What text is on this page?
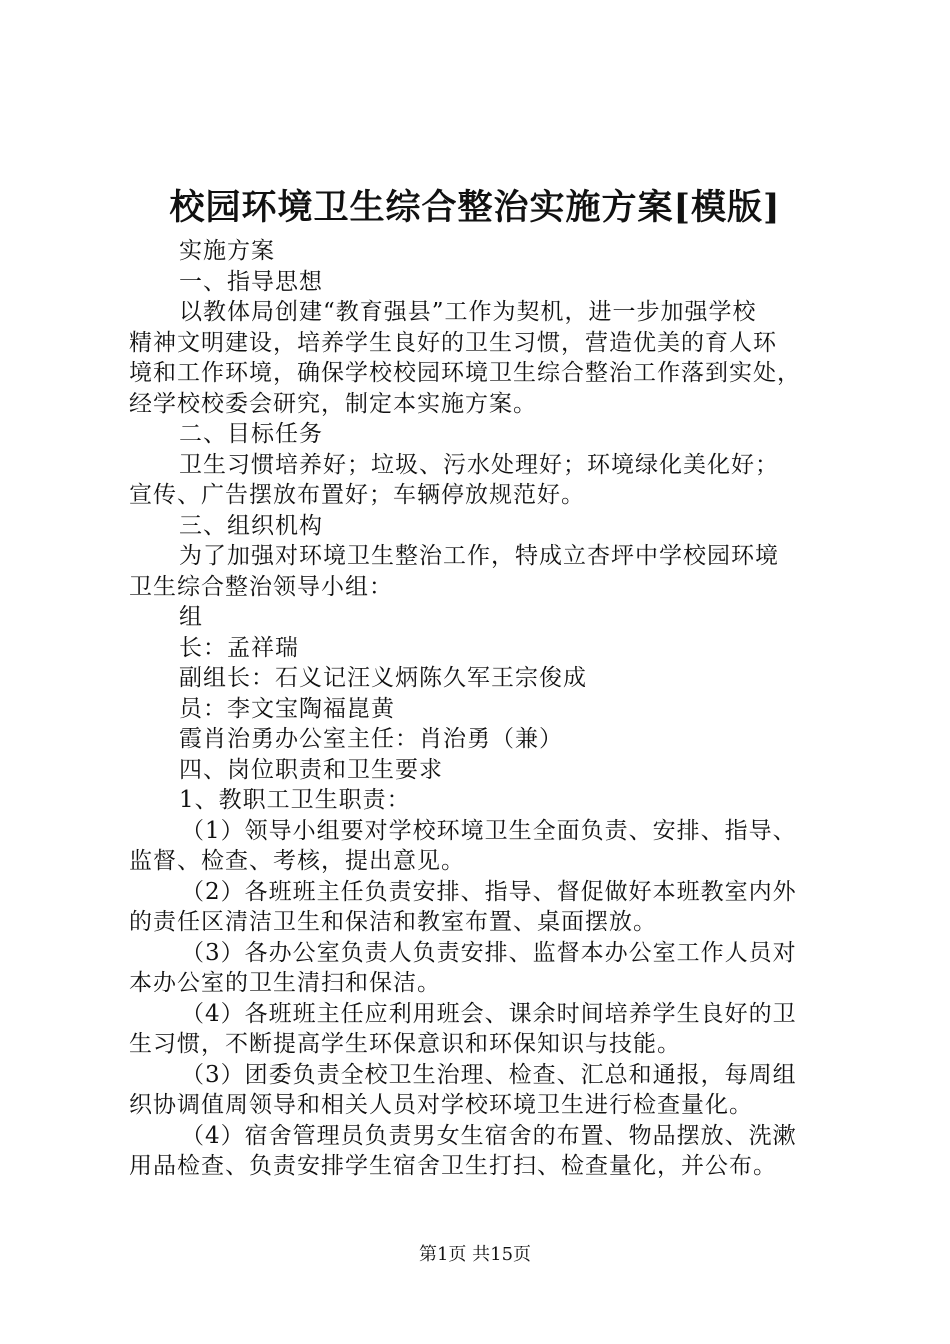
校园环境卫生综合整治实施方案[模版]
实施方案
一、指导思想
以教体局创建“教育强县”工作为契机，进一步加强学校
精神文明建设，培养学生良好的卫生习惯，营造优美的育人环
境和工作环境，确保学校校园环境卫生综合整治工作落到实处，
经学校校委会研究，制定本实施方案。
二、目标任务
卫生习惯培养好；垃圾、污水处理好；环境绿化美化好；
宣传、广告摆放布置好；车辆停放规范好。
三、组织机构
为了加强对环境卫生整治工作，特成立杏坪中学校园环境
卫生综合整治领导小组：
组
长：孟祥瑞
副组长：石义记汪义炳陈久军王宗俊成
员：李文宝陶福崑黄
霞肖治勇办公室主任：肖治勇（兼）
四、岗位职责和卫生要求
1、教职工卫生职责：
（1）领导小组要对学校环境卫生全面负责、安排、指导、
监督、检查、考核，提出意见。
（2）各班班主任负责安排、指导、督促做好本班教室内外
的责任区清洁卫生和保洁和教室布置、桌面摆放。
（3）各办公室负责人负责安排、监督本办公室工作人员对
本办公室的卫生清扫和保洁。
（4）各班班主任应利用班会、课余时间培养学生良好的卫
生习惯，不断提高学生环保意识和环保知识与技能。
（3）团委负责全校卫生治理、检查、汇总和通报，每周组
织协调值周领导和相关人员对学校环境卫生进行检查量化。
（4）宿舍管理员负责男女生宿舍的布置、物品摆放、洗漱
用品检查、负责安排学生宿舍卫生打扫、检查量化，并公布。
第1页 共15页
